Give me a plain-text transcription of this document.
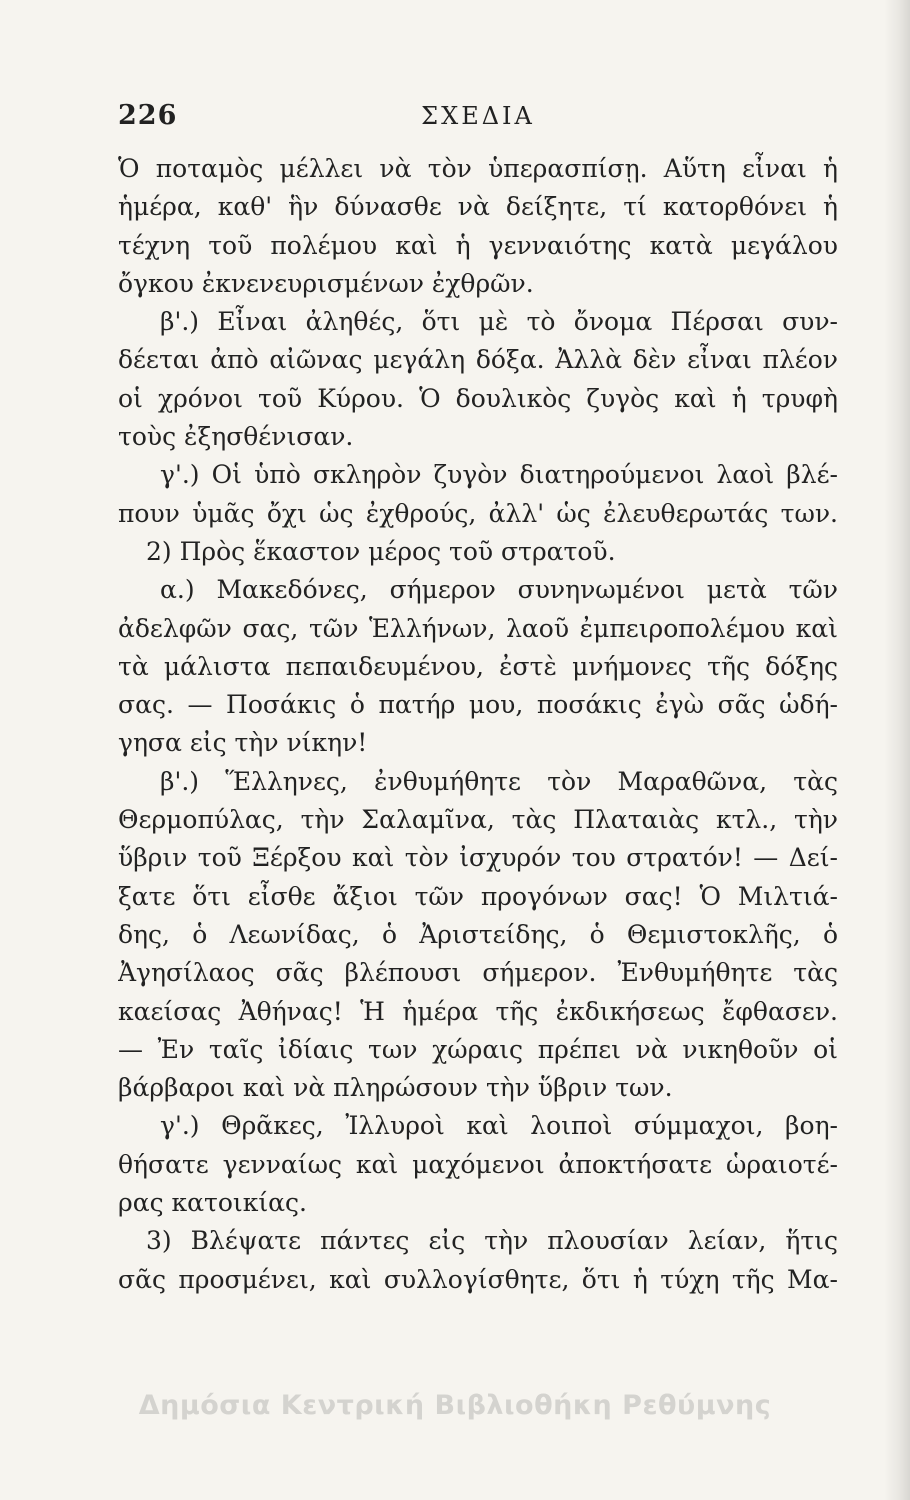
226	ΣΧΕΔΙΑ
Ὁ ποταμὸς μέλλει νὰ τὸν ὑπερασπίσῃ. Αὕτη εἶναι ἡ
ἡμέρα, καθ' ἣν δύνασθε νὰ δείξητε, τί κατορθόνει ἡ
τέχνη τοῦ πολέμου καὶ ἡ γενναιότης κατὰ μεγάλου
ὄγκου ἐκνενευρισμένων ἐχθρῶν.
β'.) Εἶναι ἀληθές, ὅτι μὲ τὸ ὄνομα Πέρσαι συν-
δέεται ἀπὸ αἰῶνας μεγάλη δόξα. Ἀλλὰ δὲν εἶναι πλέον
οἱ χρόνοι τοῦ Κύρου. Ὁ δουλικὸς ζυγὸς καὶ ἡ τρυφὴ
τοὺς ἐξησθένισαν.
γ'.) Οἱ ὑπὸ σκληρὸν ζυγὸν διατηρούμενοι λαοὶ βλέ-
πουν ὑμᾶς ὄχι ὡς ἐχθρούς, ἀλλ' ὡς ἐλευθερωτάς των.
2) Πρὸς ἕκαστον μέρος τοῦ στρατοῦ.
α.) Μακεδόνες, σήμερον συνηνωμένοι μετὰ τῶν
ἀδελφῶν σας, τῶν Ἑλλήνων, λαοῦ ἐμπειροπολέμου καὶ
τὰ μάλιστα πεπαιδευμένου, ἐστὲ μνήμονες τῆς δόξης
σας. — Ποσάκις ὁ πατήρ μου, ποσάκις ἐγὼ σᾶς ὡδή-
γησα εἰς τὴν νίκην!
β'.) Ἕλληνες, ἐνθυμήθητε τὸν Μαραθῶνα, τὰς
Θερμοπύλας, τὴν Σαλαμῖνα, τὰς Πλαταιὰς κτλ., τὴν
ὕβριν τοῦ Ξέρξου καὶ τὸν ἰσχυρόν του στρατόν! — Δεί-
ξατε ὅτι εἶσθε ἄξιοι τῶν προγόνων σας! Ὁ Μιλτιά-
δης, ὁ Λεωνίδας, ὁ Ἀριστείδης, ὁ Θεμιστοκλῆς, ὁ
Ἀγησίλαος σᾶς βλέπουσι σήμερον. Ἐνθυμήθητε τὰς
καείσας Ἀθήνας! Ἡ ἡμέρα τῆς ἐκδικήσεως ἔφθασεν.
— Ἐν ταῖς ἰδίαις των χώραις πρέπει νὰ νικηθοῦν οἱ
βάρβαροι καὶ νὰ πληρώσουν τὴν ὕβριν των.
γ'.) Θρᾶκες, Ἰλλυροὶ καὶ λοιποὶ σύμμαχοι, βοη-
θήσατε γενναίως καὶ μαχόμενοι ἀποκτήσατε ὡραιοτέ-
ρας κατοικίας.
3) Βλέψατε πάντες εἰς τὴν πλουσίαν λείαν, ἥτις
σᾶς προσμένει, καὶ συλλογίσθητε, ὅτι ἡ τύχη τῆς Μα-
Δημόσια Κεντρική Βιβλιοθήκη Ρεθύμνης
